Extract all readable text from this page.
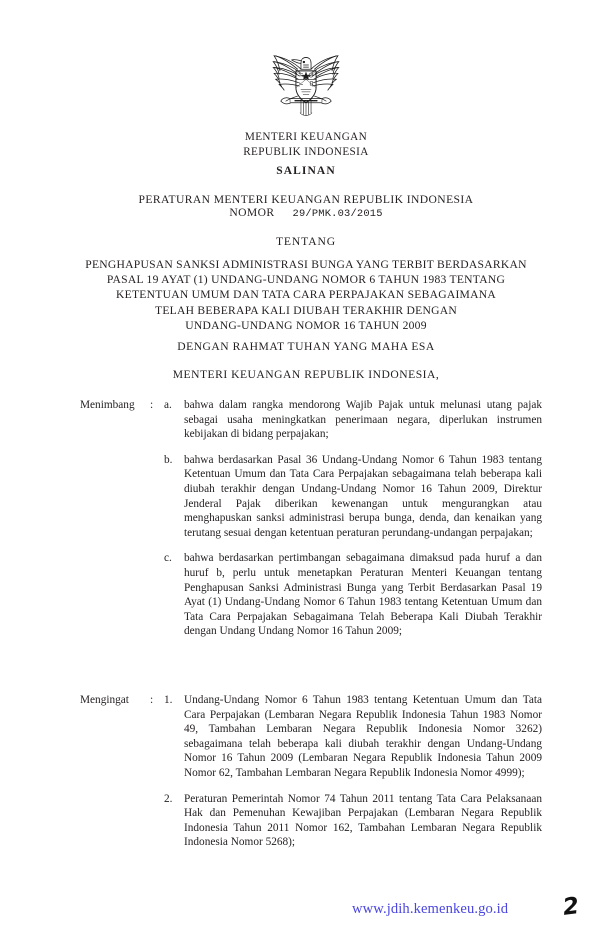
MENTERI KEUANGAN
REPUBLIK INDONESIA
SALINAN
PERATURAN MENTERI KEUANGAN REPUBLIK INDONESIA
NOMOR 29/PMK.03/2015
TENTANG
PENGHAPUSAN SANKSI ADMINISTRASI BUNGA YANG TERBIT BERDASARKAN
PASAL 19 AYAT (1) UNDANG-UNDANG NOMOR 6 TAHUN 1983 TENTANG
KETENTUAN UMUM DAN TATA CARA PERPAJAKAN SEBAGAIMANA
TELAH BEBERAPA KALI DIUBAH TERAKHIR DENGAN
UNDANG-UNDANG NOMOR 16 TAHUN 2009
DENGAN RAHMAT TUHAN YANG MAHA ESA
MENTERI KEUANGAN REPUBLIK INDONESIA,
Menimbang	: a.	bahwa dalam rangka mendorong Wajib Pajak untuk melunasi utang pajak sebagai usaha meningkatkan penerimaan negara, diperlukan instrumen kebijakan di bidang perpajakan;
b.	bahwa berdasarkan Pasal 36 Undang-Undang Nomor 6 Tahun 1983 tentang Ketentuan Umum dan Tata Cara Perpajakan sebagaimana telah beberapa kali diubah terakhir dengan Undang-Undang Nomor 16 Tahun 2009, Direktur Jenderal Pajak diberikan kewenangan untuk mengurangkan atau menghapuskan sanksi administrasi berupa bunga, denda, dan kenaikan yang terutang sesuai dengan ketentuan peraturan perundang-undangan perpajakan;
c.	bahwa berdasarkan pertimbangan sebagaimana dimaksud pada huruf a dan huruf b, perlu untuk menetapkan Peraturan Menteri Keuangan tentang Penghapusan Sanksi Administrasi Bunga yang Terbit Berdasarkan Pasal 19 Ayat (1) Undang-Undang Nomor 6 Tahun 1983 tentang Ketentuan Umum dan Tata Cara Perpajakan Sebagaimana Telah Beberapa Kali Diubah Terakhir dengan Undang Undang Nomor 16 Tahun 2009;
Mengingat	: 1.	Undang-Undang Nomor 6 Tahun 1983 tentang Ketentuan Umum dan Tata Cara Perpajakan (Lembaran Negara Republik Indonesia Tahun 1983 Nomor 49, Tambahan Lembaran Negara Republik Indonesia Nomor 3262) sebagaimana telah beberapa kali diubah terakhir dengan Undang-Undang Nomor 16 Tahun 2009 (Lembaran Negara Republik Indonesia Tahun 2009 Nomor 62, Tambahan Lembaran Negara Republik Indonesia Nomor 4999);
2.	Peraturan Pemerintah Nomor 74 Tahun 2011 tentang Tata Cara Pelaksanaan Hak dan Pemenuhan Kewajiban Perpajakan (Lembaran Negara Republik Indonesia Tahun 2011 Nomor 162, Tambahan Lembaran Negara Republik Indonesia Nomor 5268);
www.jdih.kemenkeu.go.id 2
